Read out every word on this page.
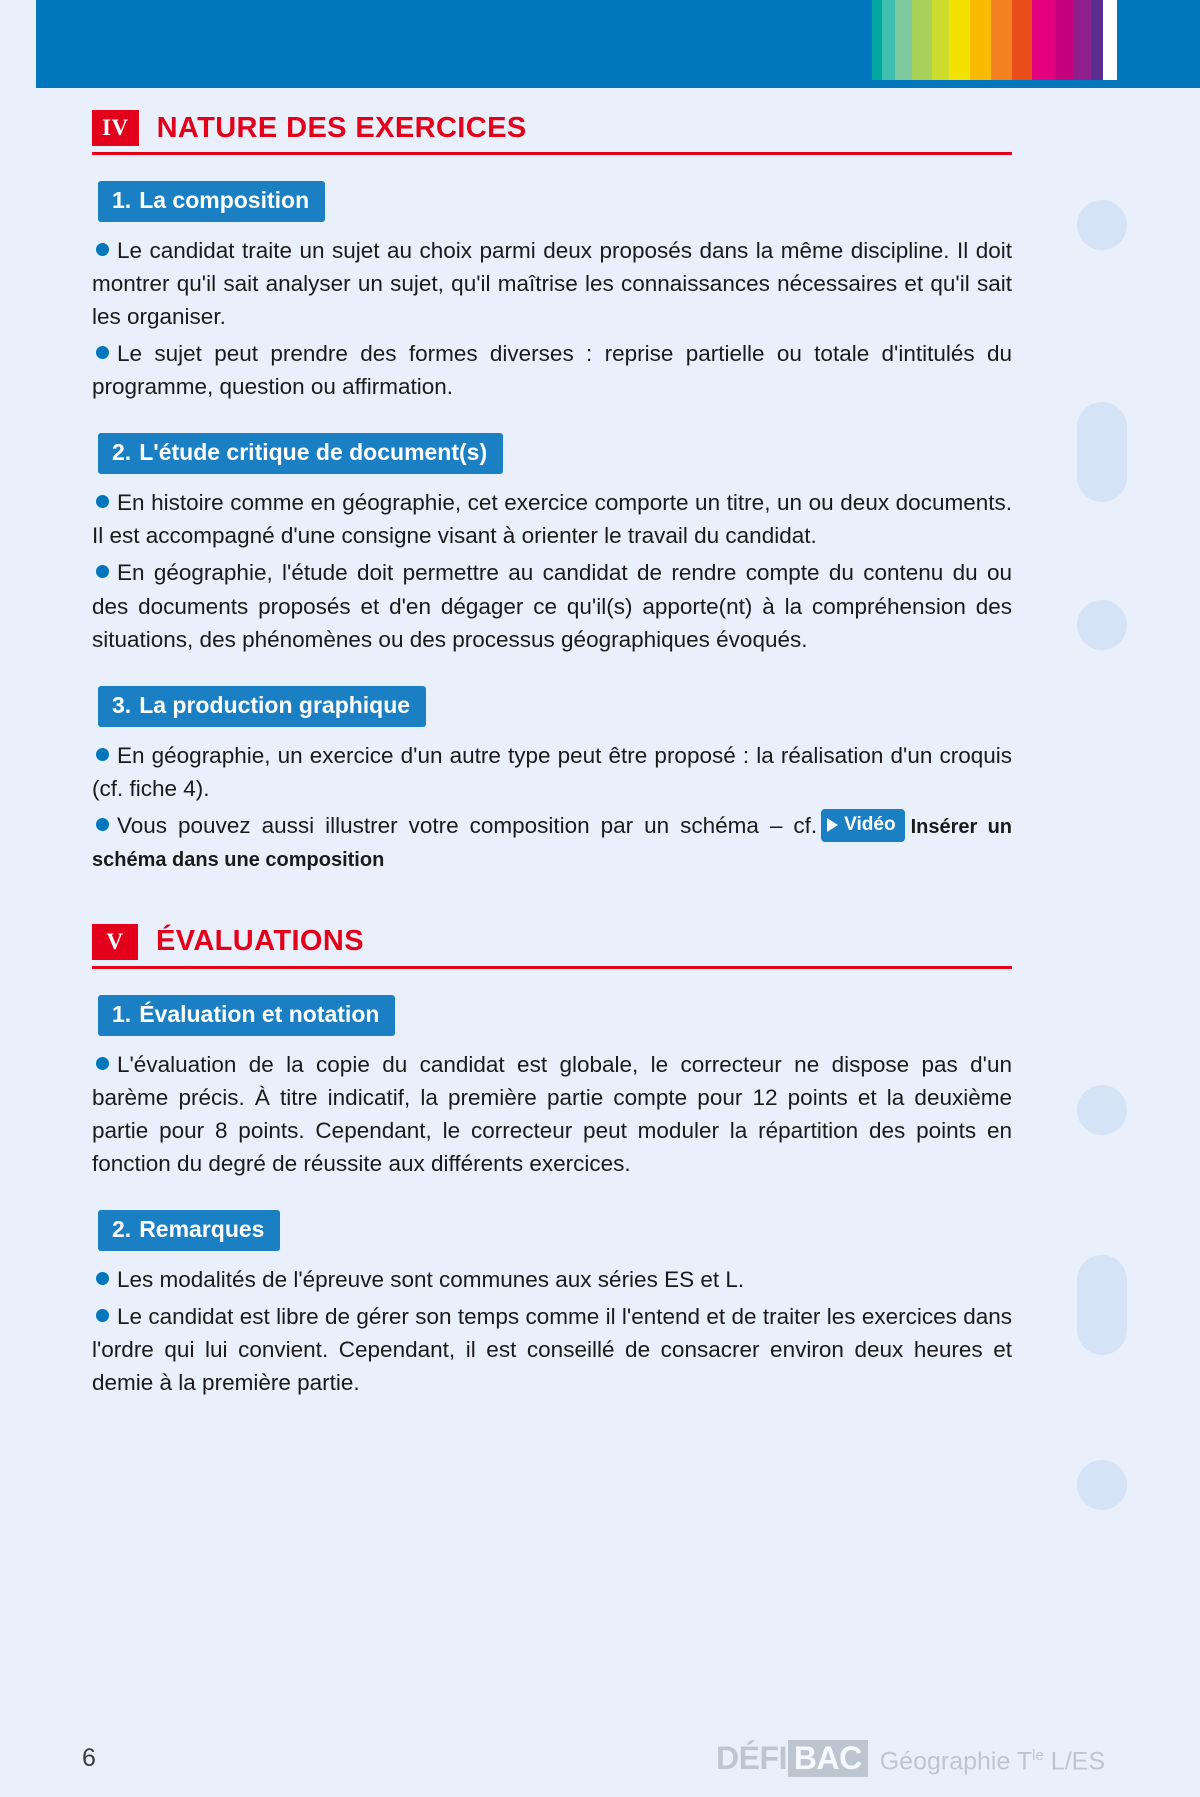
IV NATURE DES EXERCICES
1. La composition

Le candidat traite un sujet au choix parmi deux proposés dans la même discipline. Il doit montrer qu'il sait analyser un sujet, qu'il maîtrise les connaissances nécessaires et qu'il sait les organiser.

Le sujet peut prendre des formes diverses : reprise partielle ou totale d'intitulés du programme, question ou affirmation.

2. L'étude critique de document(s)

En histoire comme en géographie, cet exercice comporte un titre, un ou deux documents. Il est accompagné d'une consigne visant à orienter le travail du candidat.

En géographie, l'étude doit permettre au candidat de rendre compte du contenu du ou des documents proposés et d'en dégager ce qu'il(s) apporte(nt) à la compréhension des situations, des phénomènes ou des processus géographiques évoqués.

3. La production graphique

En géographie, un exercice d'un autre type peut être proposé : la réalisation d'un croquis (cf. fiche 4).

Vous pouvez aussi illustrer votre composition par un schéma – cf. Vidéo Insérer un schéma dans une composition

V	ÉVALUATIONS
1. Évaluation et notation

L'évaluation de la copie du candidat est globale, le correcteur ne dispose pas d'un barème précis. À titre indicatif, la première partie compte pour 12 points et la deuxième partie pour 8 points. Cependant, le correcteur peut moduler la répartition des points en fonction du degré de réussite aux différents exercices.

2. Remarques

Les modalités de l'épreuve sont communes aux séries ES et L.

Le candidat est libre de gérer son temps comme il l'entend et de traiter les exercices dans l'ordre qui lui convient. Cependant, il est conseillé de consacrer environ deux heures et demie à la première partie.

6	DÉFI BAC Géographie $T^{le}$ L/ES
